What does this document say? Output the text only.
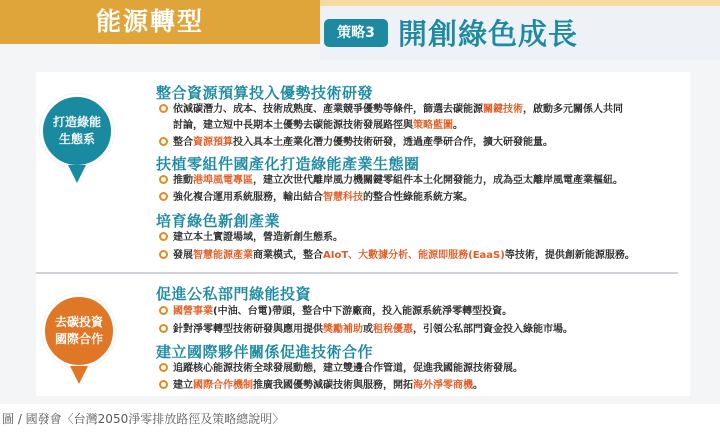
能源轉型	策略3 開創綠色成長
打造綠能
生態系
去碳投資
國際合作
整合資源預算投入優勢技術研發
依減碳潛力、成本、技術成熟度、產業競爭優勢等條件，篩選去碳能源關鍵技術，啟動多元關係人共同
討論，建立短中長期本土優勢去碳能源技術發展路徑與策略藍圖。
整合資源預算投入具本土產業化潛力優勢技術研發，透過產學研合作，擴大研發能量。
扶植零組件國產化打造綠能產業生態圈
推動港埠風電專區，建立次世代離岸風力機關鍵零組件本土化開發能力，成為亞太離岸風電產業樞紐。
強化複合運用系統服務，輸出結合智慧科技的整合性綠能系統方案。
培育綠色新創產業
建立本土實證場域，營造新創生態系。
發展智慧能源產業商業模式，整合AIoT、大數據分析、能源即服務(EaaS)等技術，提供創新能源服務。
促進公私部門綠能投資
國營事業(中油、台電)帶頭，整合中下游廠商，投入能源系統淨零轉型投資。
針對淨零轉型技術研發與應用提供獎勵補助或租稅優惠，引領公私部門資金投入綠能市場。
建立國際夥伴關係促進技術合作
追蹤核心能源技術全球發展動態，建立雙邊合作管道，促進我國能源技術發展。
建立國際合作機制推廣我國優勢減碳技術與服務，開拓海外淨零商機。
圖 / 國發會〈台灣2050淨零排放路徑及策略總說明〉
